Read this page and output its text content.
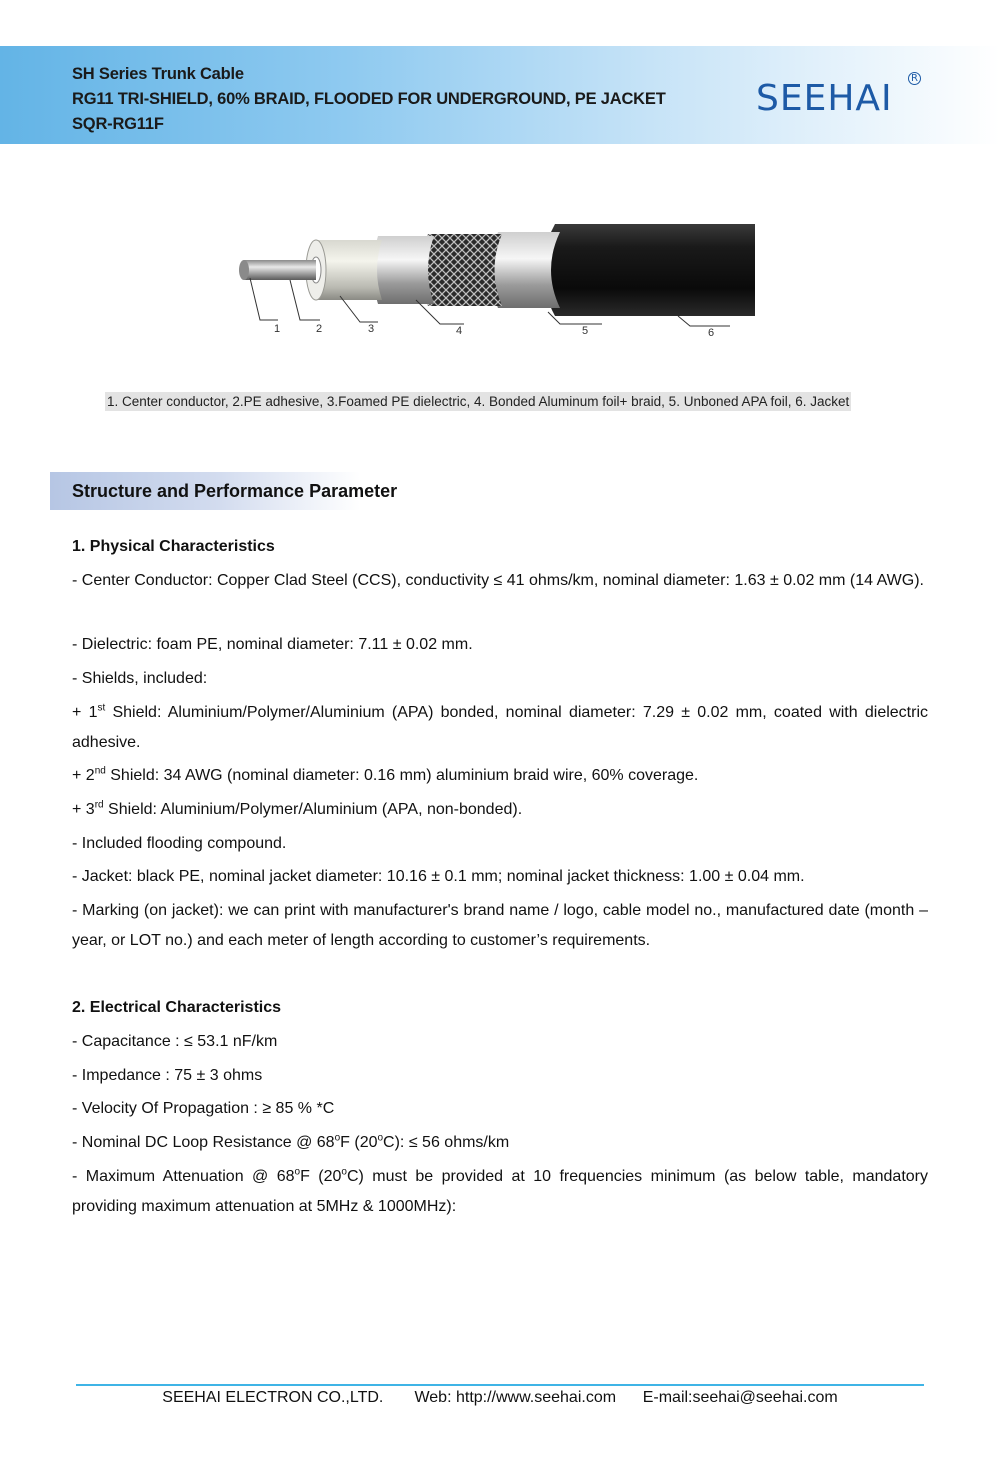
SH Series Trunk Cable
RG11 TRI-SHIELD, 60% BRAID, FLOODED FOR UNDERGROUND, PE JACKET
SQR-RG11F
SEEHAI	R
1	2	3	4	5	6
1. Center conductor, 2.PE adhesive, 3.Foamed PE dielectric, 4. Bonded Aluminum foil+ braid, 5. Unboned APA foil, 6. Jacket
Structure and Performance Parameter
1. Physical Characteristics
- Center Conductor: Copper Clad Steel (CCS), conductivity ≤ 41 ohms/km, nominal diameter: 1.63 ± 0.02 mm (14 AWG).
- Dielectric: foam PE, nominal diameter: 7.11 ± 0.02 mm.
- Shields, included:
+ 1st Shield: Aluminium/Polymer/Aluminium (APA) bonded, nominal diameter: 7.29 ± 0.02 mm, coated with dielectric adhesive.
+ 2nd Shield: 34 AWG (nominal diameter: 0.16 mm) aluminium braid wire, 60% coverage.
+ 3rd Shield: Aluminium/Polymer/Aluminium (APA, non-bonded).
- Included flooding compound.
- Jacket: black PE, nominal jacket diameter: 10.16 ± 0.1 mm; nominal jacket thickness: 1.00 ± 0.04 mm.
- Marking (on jacket): we can print with manufacturer's brand name / logo, cable model no., manufactured date (month – year, or LOT no.) and each meter of length according to customer’s requirements.
2. Electrical Characteristics
- Capacitance : ≤ 53.1 nF/km
- Impedance : 75 ± 3 ohms
- Velocity Of Propagation : ≥ 85 % *C
- Nominal DC Loop Resistance @ 68$^o$F $(20^oC)$: ≤ 56 ohms/km
- Maximum Attenuation @ 68$^o$F (20$^o$C) must be provided at 10 frequencies minimum (as below table, mandatory providing maximum attenuation at 5MHz & 1000MHz):
SEEHAI ELECTRON CO.,LTD. Web: http://www.seehai.com E-mail:seehai@seehai.com
